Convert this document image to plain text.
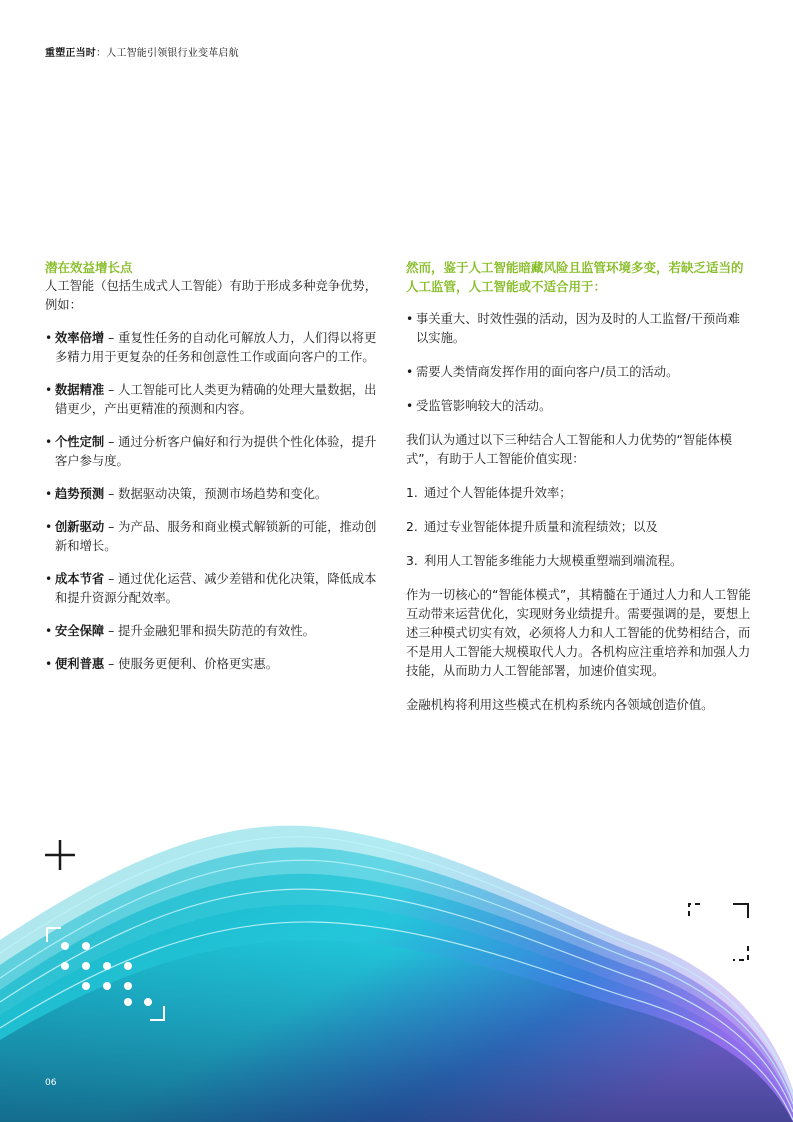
重塑正当时：人工智能引领银行业变革启航

潜在效益增长点

人工智能（包括生成式人工智能）有助于形成多种竞争优势，例如：

• 效率倍增 – 重复性任务的自动化可解放人力，人们得以将更多精力用于更复杂的任务和创意性工作或面向客户的工作。
• 数据精准 – 人工智能可比人类更为精确的处理大量数据，出错更少，产出更精准的预测和内容。
• 个性定制 – 通过分析客户偏好和行为提供个性化体验，提升客户参与度。
• 趋势预测 – 数据驱动决策，预测市场趋势和变化。
• 创新驱动 – 为产品、服务和商业模式解锁新的可能，推动创新和增长。
• 成本节省 – 通过优化运营、减少差错和优化决策，降低成本和提升资源分配效率。
• 安全保障 – 提升金融犯罪和损失防范的有效性。
• 便利普惠 – 使服务更便利、价格更实惠。

然而，鉴于人工智能暗藏风险且监管环境多变，若缺乏适当的人工监管，人工智能或不适合用于：

• 事关重大、时效性强的活动，因为及时的人工监督/干预尚难以实施。
• 需要人类情商发挥作用的面向客户/员工的活动。
• 受监管影响较大的活动。

我们认为通过以下三种结合人工智能和人力优势的“智能体模式”，有助于人工智能价值实现：

1. 通过个人智能体提升效率；
2. 通过专业智能体提升质量和流程绩效；以及
3. 利用人工智能多维能力大规模重塑端到端流程。

作为一切核心的“智能体模式”，其精髓在于通过人力和人工智能互动带来运营优化，实现财务业绩提升。需要强调的是，要想上述三种模式切实有效，必须将人力和人工智能的优势相结合，而不是用人工智能大规模取代人力。各机构应注重培养和加强人力技能，从而助力人工智能部署，加速价值实现。

金融机构将利用这些模式在机构系统内各领域创造价值。

06
